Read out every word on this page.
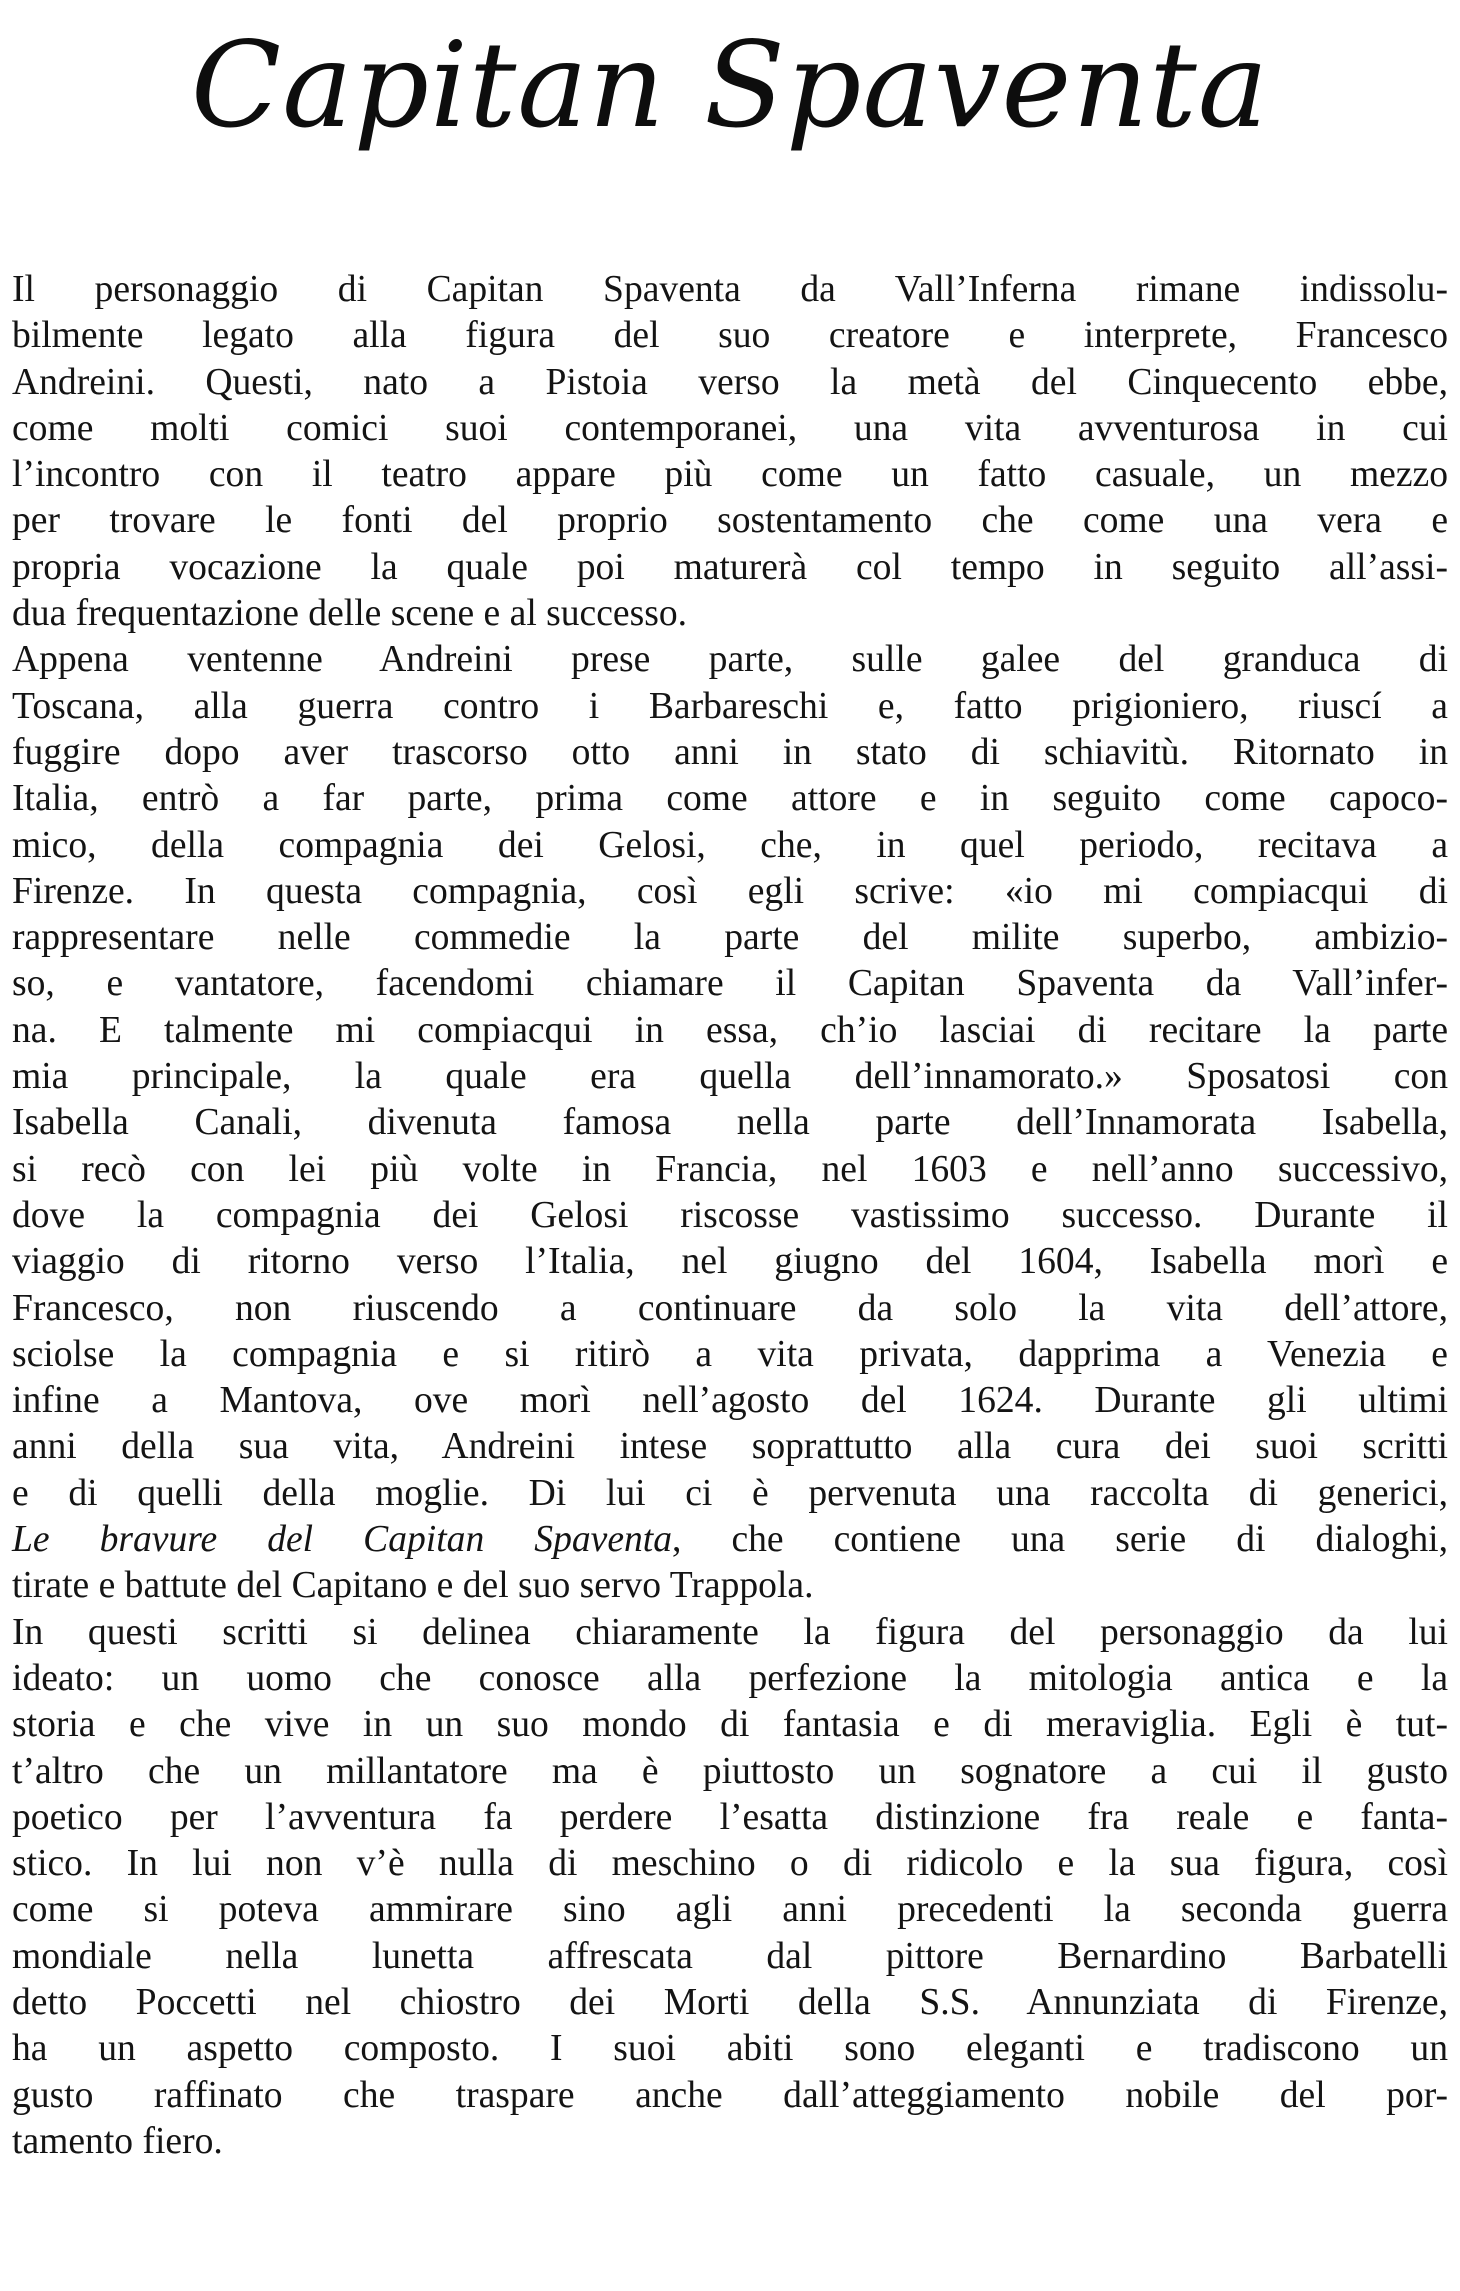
Capitan Spaventa
Il personaggio di Capitan Spaventa da Vall’Inferna rimane indissolu-
bilmente legato alla figura del suo creatore e interprete, Francesco
Andreini. Questi, nato a Pistoia verso la metà del Cinquecento ebbe,
come molti comici suoi contemporanei, una vita avventurosa in cui
l’incontro con il teatro appare più come un fatto casuale, un mezzo
per trovare le fonti del proprio sostentamento che come una vera e
propria vocazione la quale poi maturerà col tempo in seguito all’assi-
dua frequentazione delle scene e al successo.
Appena ventenne Andreini prese parte, sulle galee del granduca di
Toscana, alla guerra contro i Barbareschi e, fatto prigioniero, riuscí a
fuggire dopo aver trascorso otto anni in stato di schiavitù. Ritornato in
Italia, entrò a far parte, prima come attore e in seguito come capoco-
mico, della compagnia dei Gelosi, che, in quel periodo, recitava a
Firenze. In questa compagnia, così egli scrive: «io mi compiacqui di
rappresentare nelle commedie la parte del milite superbo, ambizio-
so, e vantatore, facendomi chiamare il Capitan Spaventa da Vall’infer-
na. E talmente mi compiacqui in essa, ch’io lasciai di recitare la parte
mia principale, la quale era quella dell’innamorato.» Sposatosi con
Isabella Canali, divenuta famosa nella parte dell’Innamorata Isabella,
si recò con lei più volte in Francia, nel 1603 e nell’anno successivo,
dove la compagnia dei Gelosi riscosse vastissimo successo. Durante il
viaggio di ritorno verso l’Italia, nel giugno del 1604, Isabella morì e
Francesco, non riuscendo a continuare da solo la vita dell’attore,
sciolse la compagnia e si ritirò a vita privata, dapprima a Venezia e
infine a Mantova, ove morì nell’agosto del 1624. Durante gli ultimi
anni della sua vita, Andreini intese soprattutto alla cura dei suoi scritti
e di quelli della moglie. Di lui ci è pervenuta una raccolta di generici,
Le bravure del Capitan Spaventa, che contiene una serie di dialoghi,
tirate e battute del Capitano e del suo servo Trappola.
In questi scritti si delinea chiaramente la figura del personaggio da lui
ideato: un uomo che conosce alla perfezione la mitologia antica e la
storia e che vive in un suo mondo di fantasia e di meraviglia. Egli è tut-
t’altro che un millantatore ma è piuttosto un sognatore a cui il gusto
poetico per l’avventura fa perdere l’esatta distinzione fra reale e fanta-
stico. In lui non v’è nulla di meschino o di ridicolo e la sua figura, così
come si poteva ammirare sino agli anni precedenti la seconda guerra
mondiale nella lunetta affrescata dal pittore Bernardino Barbatelli
detto Poccetti nel chiostro dei Morti della S.S. Annunziata di Firenze,
ha un aspetto composto. I suoi abiti sono eleganti e tradiscono un
gusto raffinato che traspare anche dall’atteggiamento nobile del por-
tamento fiero.
